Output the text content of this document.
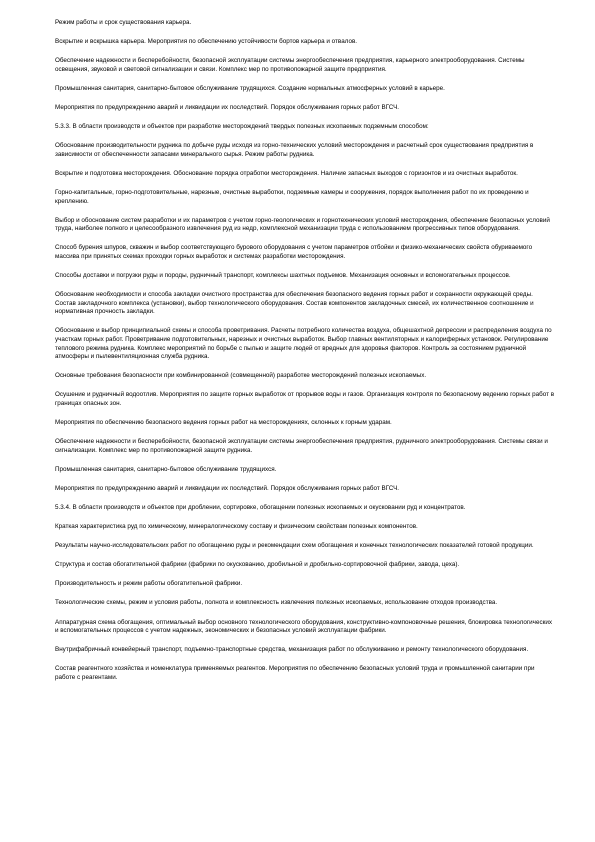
Режим работы и срок существования карьера.

Вскрытие и вскрышка карьера. Мероприятия по обеспечению устойчивости бортов карьера и отвалов.

Обеспечение надежности и бесперебойности, безопасной эксплуатации системы энергообеспечения предприятия, карьерного электрооборудования. Системы освещения, звуковой и световой сигнализации и связи. Комплекс мер по противопожарной защите предприятия.

Промышленная санитария, санитарно-бытовое обслуживание трудящихся. Создание нормальных атмосферных условий в карьере.

Мероприятия по предупреждению аварий и ликвидации их последствий. Порядок обслуживания горных работ ВГСЧ.

5.3.3. В области производств и объектов при разработке месторождений твердых полезных ископаемых подземным способом:

Обоснование производительности рудника по добыче руды исходя из горно-технических условий месторождения и расчетный срок существования предприятия в зависимости от обеспеченности запасами минерального сырья. Режим работы рудника.

Вскрытие и подготовка месторождения. Обоснование порядка отработки месторождения. Наличие запасных выходов с горизонтов и из очистных выработок.

Горно-капитальные, горно-подготовительные, нарезные, очистные выработки, подземные камеры и сооружения, порядок выполнения работ по их проведению и креплению.

Выбор и обоснование систем разработки и их параметров с учетом горно-геологических и горнотехнических условий месторождения, обеспечение безопасных условий труда, наиболее полного и целесообразного извлечения руд из недр, комплексной механизации труда с использованием прогрессивных типов оборудования.

Способ бурения шпуров, скважин и выбор соответствующего бурового оборудования с учетом параметров отбойки и физико-механических свойств обуриваемого массива при принятых схемах проходки горных выработок и системах разработки месторождения.

Способы доставки и погрузки руды и породы, рудничный транспорт, комплексы шахтных подъемов. Механизация основных и вспомогательных процессов.

Обоснование необходимости и способа закладки очистного пространства для обеспечения безопасного ведения горных работ и сохранности окружающей среды. Состав закладочного комплекса (установки), выбор технологического оборудования. Состав компонентов закладочных смесей, их количественное соотношение и нормативная прочность закладки.

Обоснование и выбор принципиальной схемы и способа проветривания. Расчеты потребного количества воздуха, общешахтной депрессии и распределения воздуха по участкам горных работ. Проветривание подготовительных, нарезных и очистных выработок. Выбор главных вентиляторных и калориферных установок. Регулирование теплового режима рудника. Комплекс мероприятий по борьбе с пылью и защите людей от вредных для здоровья факторов. Контроль за состоянием рудничной атмосферы и пылевентиляционная служба рудника.

Основные требования безопасности при комбинированной (совмещенной) разработке месторождений полезных ископаемых.

Осушение и рудничный водоотлив. Мероприятия по защите горных выработок от прорывов воды и газов. Организация контроля по безопасному ведению горных работ в границах опасных зон.

Мероприятия по обеспечению безопасного ведения горных работ на месторождениях, склонных к горным ударам.

Обеспечение надежности и бесперебойности, безопасной эксплуатации системы энергообеспечения предприятия, рудничного электрооборудования. Системы связи и сигнализации. Комплекс мер по противопожарной защите рудника.

Промышленная санитария, санитарно-бытовое обслуживание трудящихся.

Мероприятия по предупреждению аварий и ликвидации их последствий. Порядок обслуживания горных работ ВГСЧ.

5.3.4. В области производств и объектов при дроблении, сортировке, обогащении полезных ископаемых и окусковании руд и концентратов.

Краткая характеристика руд по химическому, минералогическому составу и физическим свойствам полезных компонентов.

Результаты научно-исследовательских работ по обогащению руды и рекомендации схем обогащения и конечных технологических показателей готовой продукции.

Структура и состав обогатительной фабрики (фабрики по окускованию, дробильной и дробильно-сортировочной фабрики, завода, цеха).

Производительность и режим работы обогатительной фабрики.

Технологические схемы, режим и условия работы, полнота и комплексность извлечения полезных ископаемых, использование отходов производства.

Аппаратурная схема обогащения, оптимальный выбор основного технологического оборудования, конструктивно-компоновочные решения, блокировка технологических и вспомогательных процессов с учетом надежных, экономических и безопасных условий эксплуатации фабрики.

Внутрифабричный конвейерный транспорт, подъемно-транспортные средства, механизация работ по обслуживанию и ремонту технологического оборудования.

Состав реагентного хозяйства и номенклатура применяемых реагентов. Мероприятия по обеспечению безопасных условий труда и промышленной санитарии при работе с реагентами.
